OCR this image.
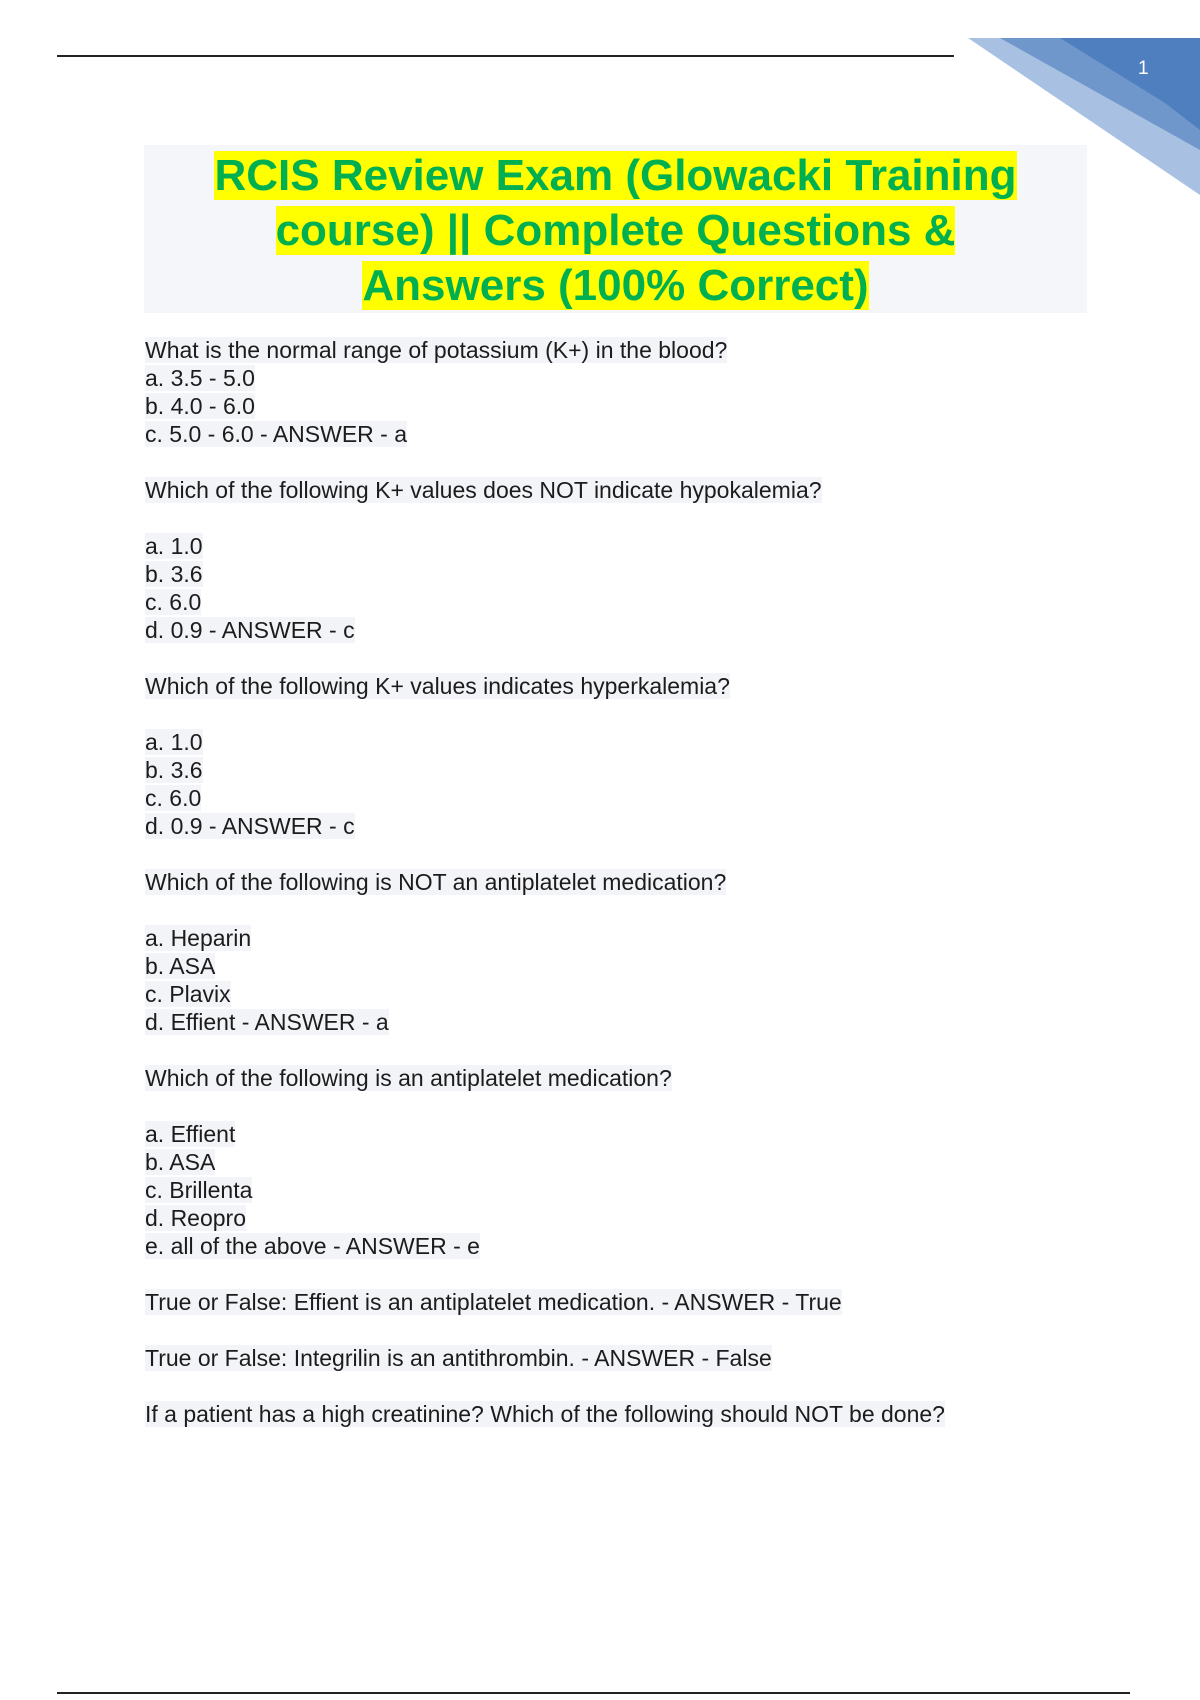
1
RCIS Review Exam (Glowacki Training
course) || Complete Questions &
Answers (100% Correct)
What is the normal range of potassium (K+) in the blood?
a. 3.5 - 5.0
b. 4.0 - 6.0
c. 5.0 - 6.0 - ANSWER - a
Which of the following K+ values does NOT indicate hypokalemia?
a. 1.0
b. 3.6
c. 6.0
d. 0.9 - ANSWER - c
Which of the following K+ values indicates hyperkalemia?
a. 1.0
b. 3.6
c. 6.0
d. 0.9 - ANSWER - c
Which of the following is NOT an antiplatelet medication?
a. Heparin
b. ASA
c. Plavix
d. Effient - ANSWER - a
Which of the following is an antiplatelet medication?
a. Effient
b. ASA
c. Brillenta
d. Reopro
e. all of the above - ANSWER - e
True or False: Effient is an antiplatelet medication. - ANSWER - True
True or False: Integrilin is an antithrombin. - ANSWER - False
If a patient has a high creatinine? Which of the following should NOT be done?
